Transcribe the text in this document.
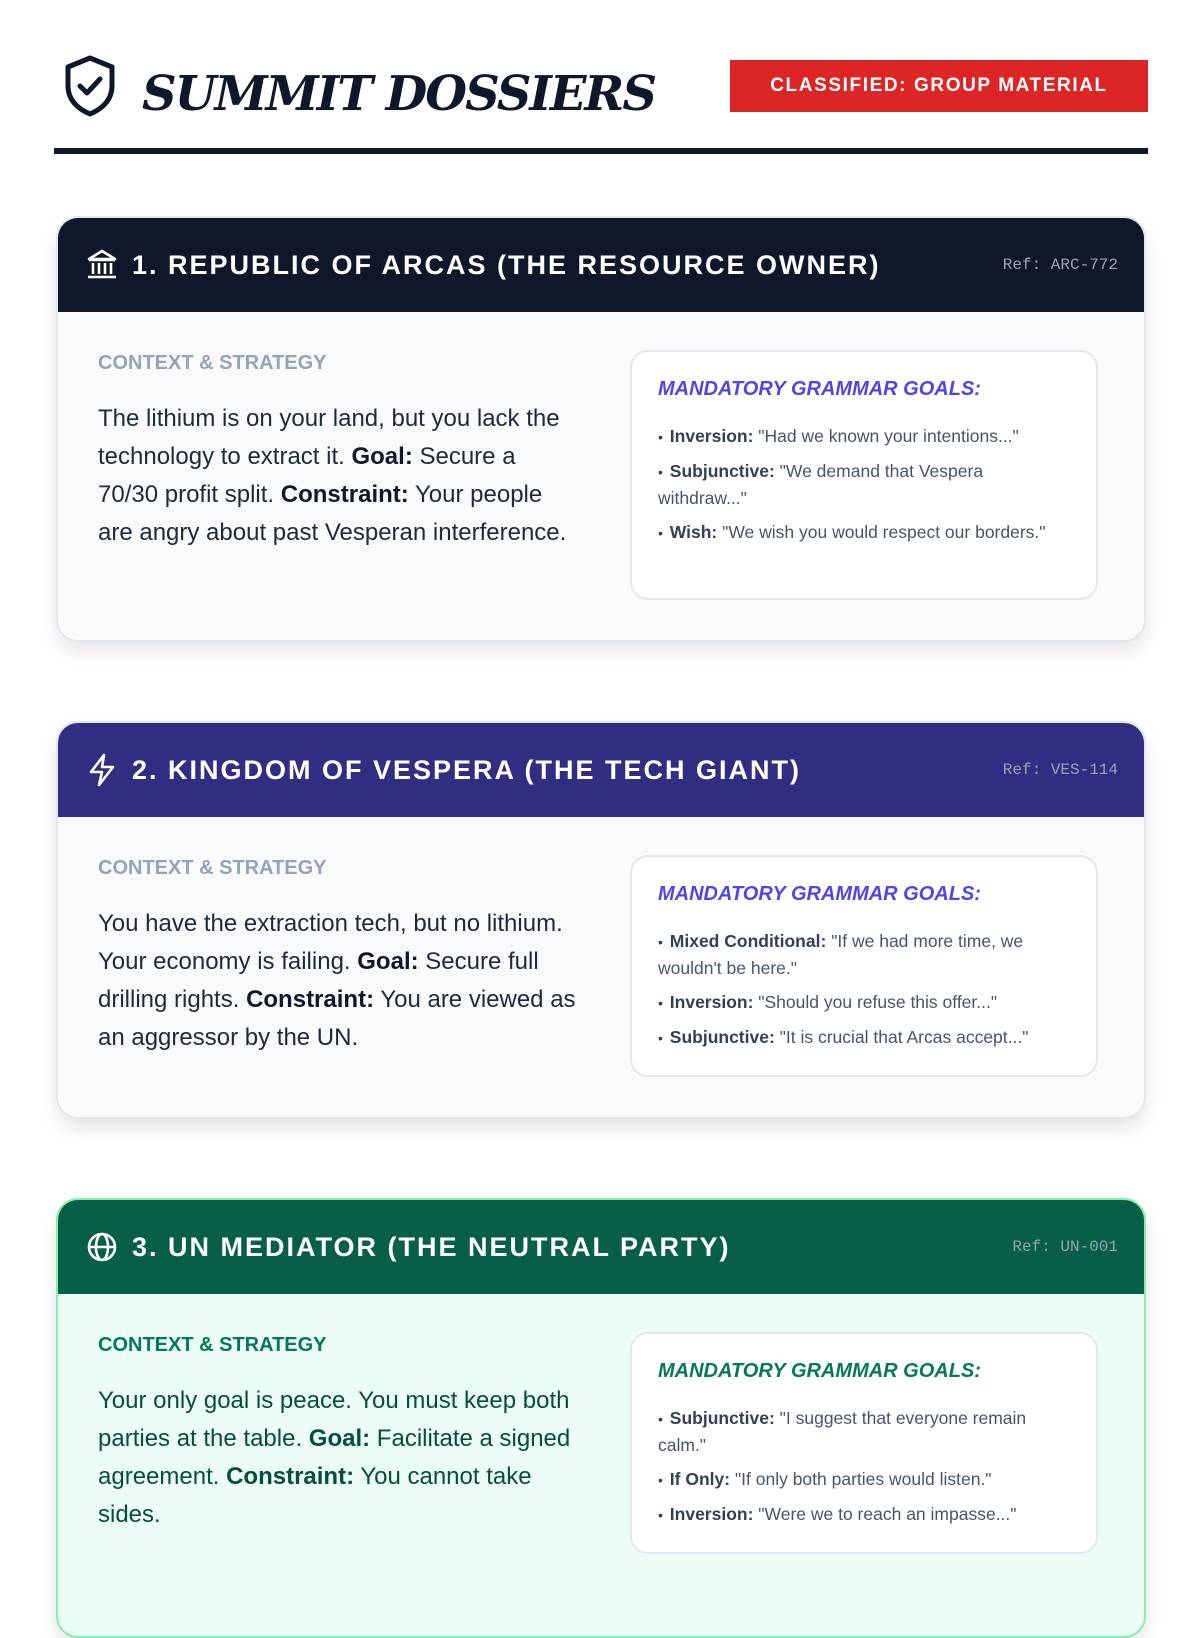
SUMMIT DOSSIERS	CLASSIFIED: GROUP MATERIAL
1. REPUBLIC OF ARCAS (THE RESOURCE OWNER)	Ref: ARC-772
CONTEXT & STRATEGY
The lithium is on your land, but you lack the technology to extract it. Goal: Secure a 70/30 profit split. Constraint: Your people are angry about past Vesperan interference.
MANDATORY GRAMMAR GOALS:
• Inversion: "Had we known your intentions..."
• Subjunctive: "We demand that Vespera withdraw..."
• Wish: "We wish you would respect our borders."
2. KINGDOM OF VESPERA (THE TECH GIANT)	Ref: VES-114
CONTEXT & STRATEGY
You have the extraction tech, but no lithium. Your economy is failing. Goal: Secure full drilling rights. Constraint: You are viewed as an aggressor by the UN.
MANDATORY GRAMMAR GOALS:
• Mixed Conditional: "If we had more time, we wouldn't be here."
• Inversion: "Should you refuse this offer..."
• Subjunctive: "It is crucial that Arcas accept..."
3. UN MEDIATOR (THE NEUTRAL PARTY)	Ref: UN-001
CONTEXT & STRATEGY
Your only goal is peace. You must keep both parties at the table. Goal: Facilitate a signed agreement. Constraint: You cannot take sides.
MANDATORY GRAMMAR GOALS:
• Subjunctive: "I suggest that everyone remain calm."
• If Only: "If only both parties would listen."
• Inversion: "Were we to reach an impasse..."
